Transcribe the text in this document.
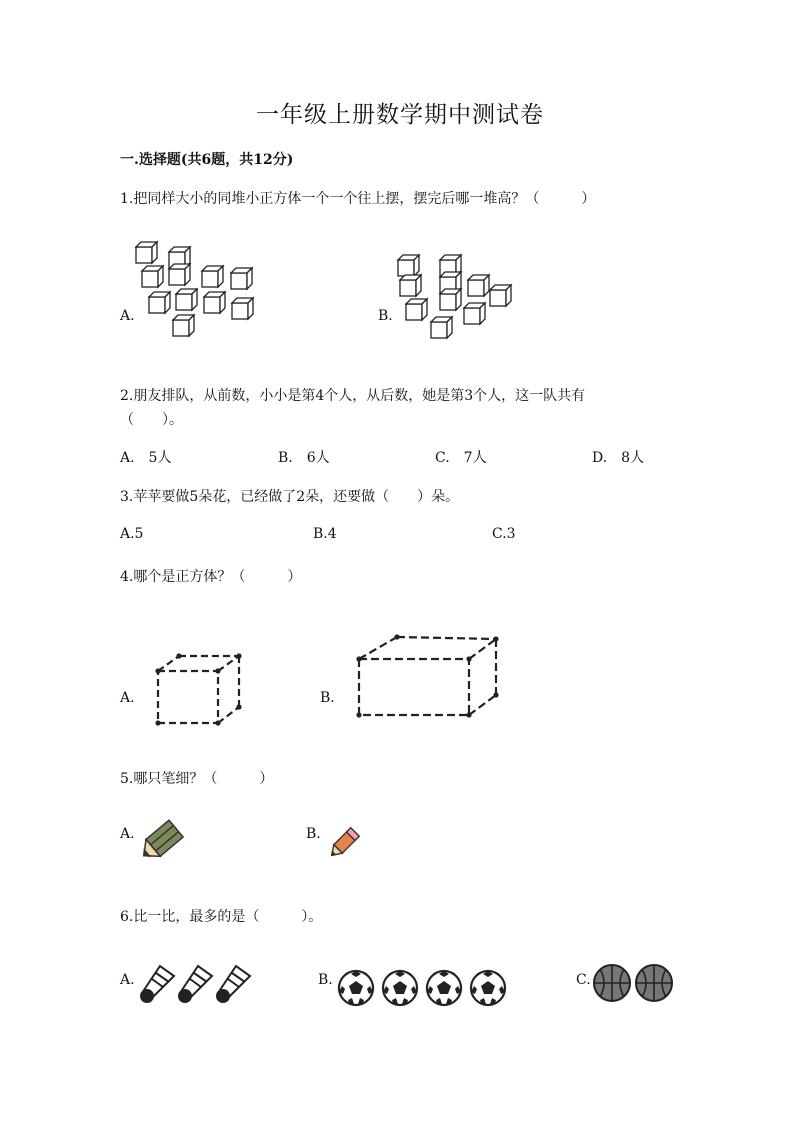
一年级上册数学期中测试卷
一.选择题(共6题，共12分)
1.把同样大小的同堆小正方体一个一个往上摆，摆完后哪一堆高？（　　　）
A.	B.
2.朋友排队，从前数，小小是第4个人，从后数，她是第3个人，这一队共有
（　　）。
A.　5人	B.　6人	C.　7人	D.　8人
3.苹苹要做5朵花，已经做了2朵，还要做（　　）朵。
A.5	B.4	C.3
4.哪个是正方体？（　　　）
A.	B.
5.哪只笔细？（　　　）
A.	B.
6.比一比，最多的是（　　　）。
A.	B.	C.
